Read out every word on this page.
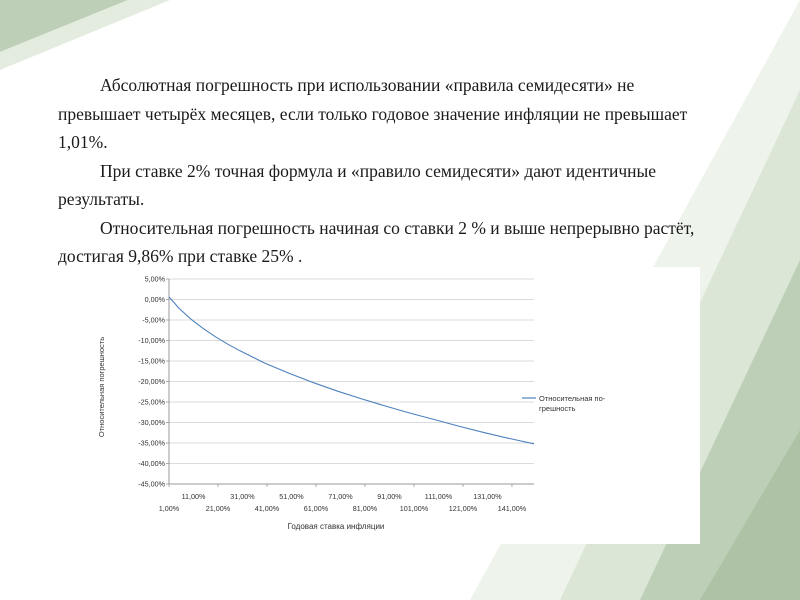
Абсолютная погрешность при использовании «правила семидесяти» не превышает четырёх месяцев, если только годовое значение инфляции не превышает 1,01%.

При ставке 2% точная формула и «правило семидесяти» дают идентичные результаты.

Относительная погрешность начиная со ставки 2 % и выше непрерывно растёт, достигая 9,86% при ставке 25% .

5,00%
0,00%
-5,00%
-10,00%
-15,00%
-20,00%
-25,00%
-30,00%
-35,00%
-40,00%
-45,00%
1,00%	21,00%	41,00%	61,00%	81,00%	101,00%	121,00%	141,00%
11,00%	31,00%	51,00%	71,00%	91,00%	111,00%	131,00%
Относительная погрешность
Годовая ставка инфляции
Относительная по-
грешность
